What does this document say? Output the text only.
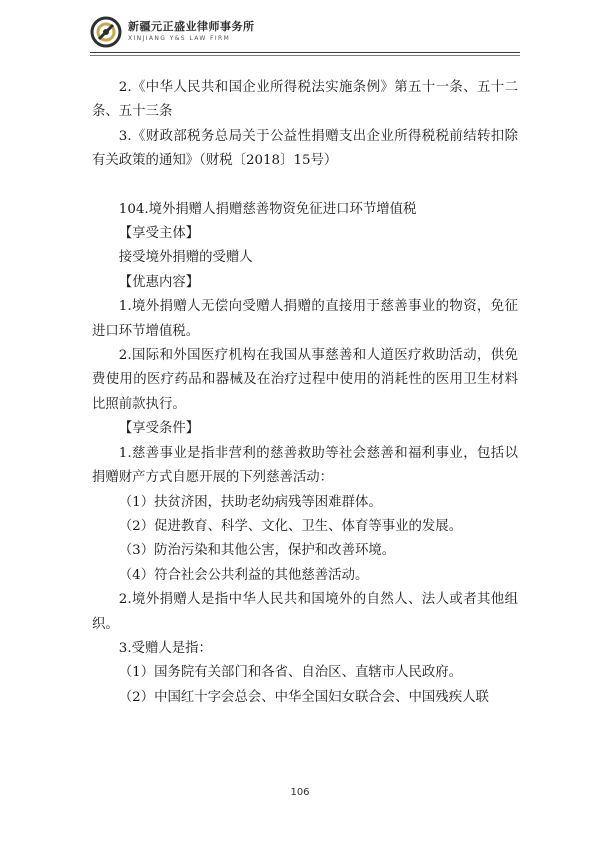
新疆元正盛业律师事务所
XINJIANG Y&S LAW FIRM

2.《中华人民共和国企业所得税法实施条例》第五十一条、五十二条、五十三条

3.《财政部税务总局关于公益性捐赠支出企业所得税税前结转扣除有关政策的通知》（财税〔2018〕15号）

104.境外捐赠人捐赠慈善物资免征进口环节增值税

【享受主体】

接受境外捐赠的受赠人

【优惠内容】

1.境外捐赠人无偿向受赠人捐赠的直接用于慈善事业的物资，免征进口环节增值税。

2.国际和外国医疗机构在我国从事慈善和人道医疗救助活动，供免费使用的医疗药品和器械及在治疗过程中使用的消耗性的医用卫生材料比照前款执行。

【享受条件】

1.慈善事业是指非营利的慈善救助等社会慈善和福利事业，包括以捐赠财产方式自愿开展的下列慈善活动：

（1）扶贫济困，扶助老幼病残等困难群体。

（2）促进教育、科学、文化、卫生、体育等事业的发展。

（3）防治污染和其他公害，保护和改善环境。

（4）符合社会公共利益的其他慈善活动。

2.境外捐赠人是指中华人民共和国境外的自然人、法人或者其他组织。

3.受赠人是指：

（1）国务院有关部门和各省、自治区、直辖市人民政府。

（2）中国红十字会总会、中华全国妇女联合会、中国残疾人联

106
